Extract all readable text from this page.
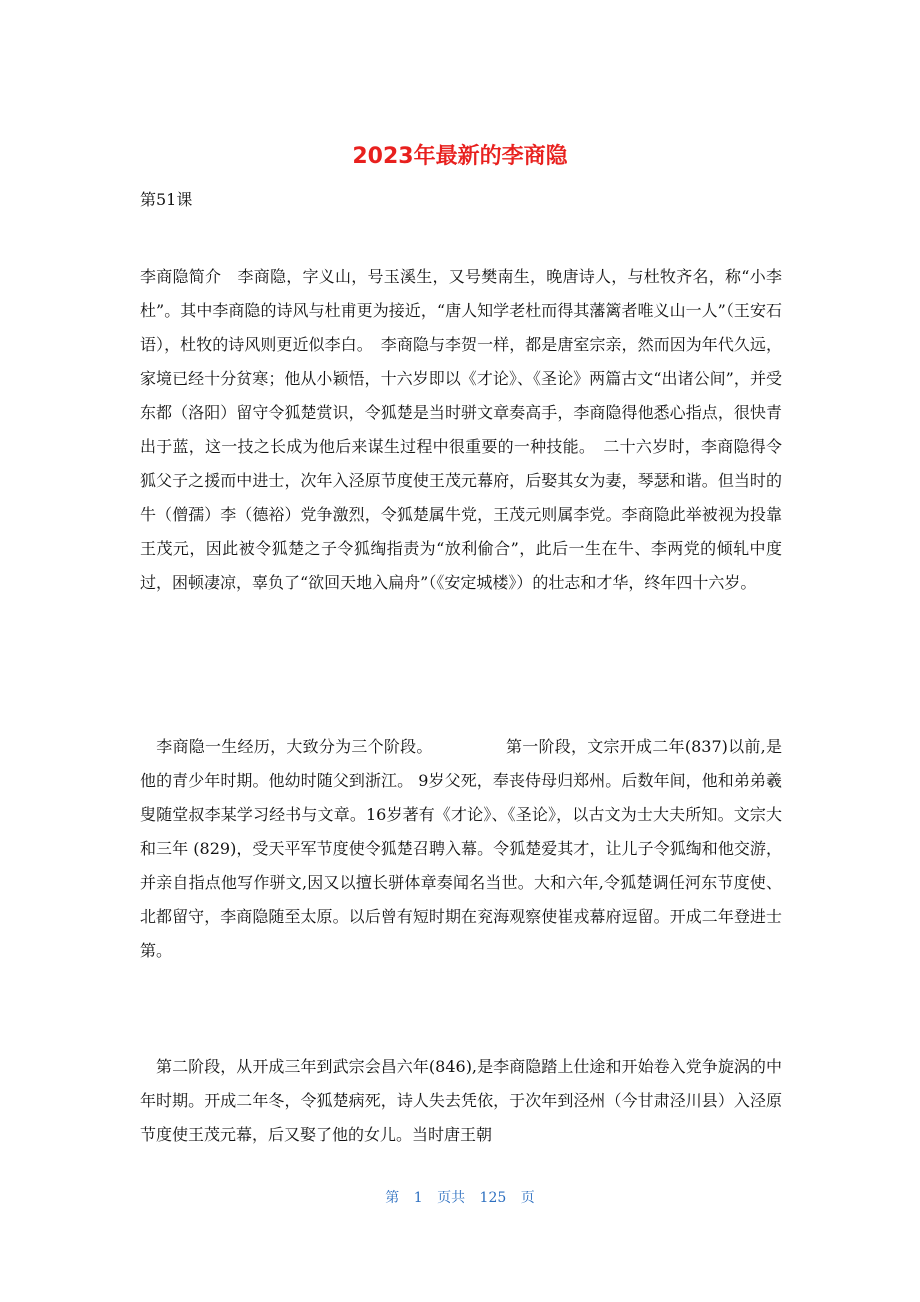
2023年最新的李商隐
第51课

李商隐简介　李商隐，字义山，号玉溪生，又号樊南生，晚唐诗人，与杜牧齐名，称“小李杜”。其中李商隐的诗风与杜甫更为接近，“唐人知学老杜而得其藩篱者唯义山一人”（王安石语），杜牧的诗风则更近似李白。　李商隐与李贺一样，都是唐室宗亲，然而因为年代久远，家境已经十分贫寒；他从小颖悟，十六岁即以《才论》、《圣论》两篇古文“出诸公间”，并受东都（洛阳）留守令狐楚赏识，令狐楚是当时骈文章奏高手，李商隐得他悉心指点，很快青出于蓝，这一技之长成为他后来谋生过程中很重要的一种技能。　二十六岁时，李商隐得令狐父子之援而中进士，次年入泾原节度使王茂元幕府，后娶其女为妻，琴瑟和谐。但当时的牛（僧孺）李（德裕）党争激烈，令狐楚属牛党，王茂元则属李党。李商隐此举被视为投靠王茂元，因此被令狐楚之子令狐绹指责为“放利偷合”，此后一生在牛、李两党的倾轧中度过，困顿凄凉，辜负了“欲回天地入扁舟”（《安定城楼》）的壮志和才华，终年四十六岁。

　李商隐一生经历，大致分为三个阶段。　　　　　第一阶段，文宗开成二年(837)以前,是他的青少年时期。他幼时随父到浙江。 9岁父死，奉丧侍母归郑州。后数年间，他和弟弟羲叟随堂叔李某学习经书与文章。16岁著有《才论》、《圣论》，以古文为士大夫所知。文宗大和三年 (829)，受天平军节度使令狐楚召聘入幕。令狐楚爱其才，让儿子令狐绹和他交游，并亲自指点他写作骈文,因又以擅长骈体章奏闻名当世。大和六年,令狐楚调任河东节度使、北都留守，李商隐随至太原。以后曾有短时期在兖海观察使崔戎幕府逗留。开成二年登进士第。

　第二阶段，从开成三年到武宗会昌六年(846),是李商隐踏上仕途和开始卷入党争旋涡的中年时期。开成二年冬，令狐楚病死，诗人失去凭依，于次年到泾州（今甘肃泾川县）入泾原节度使王茂元幕，后又娶了他的女儿。当时唐王朝

第 1 页共 125 页
